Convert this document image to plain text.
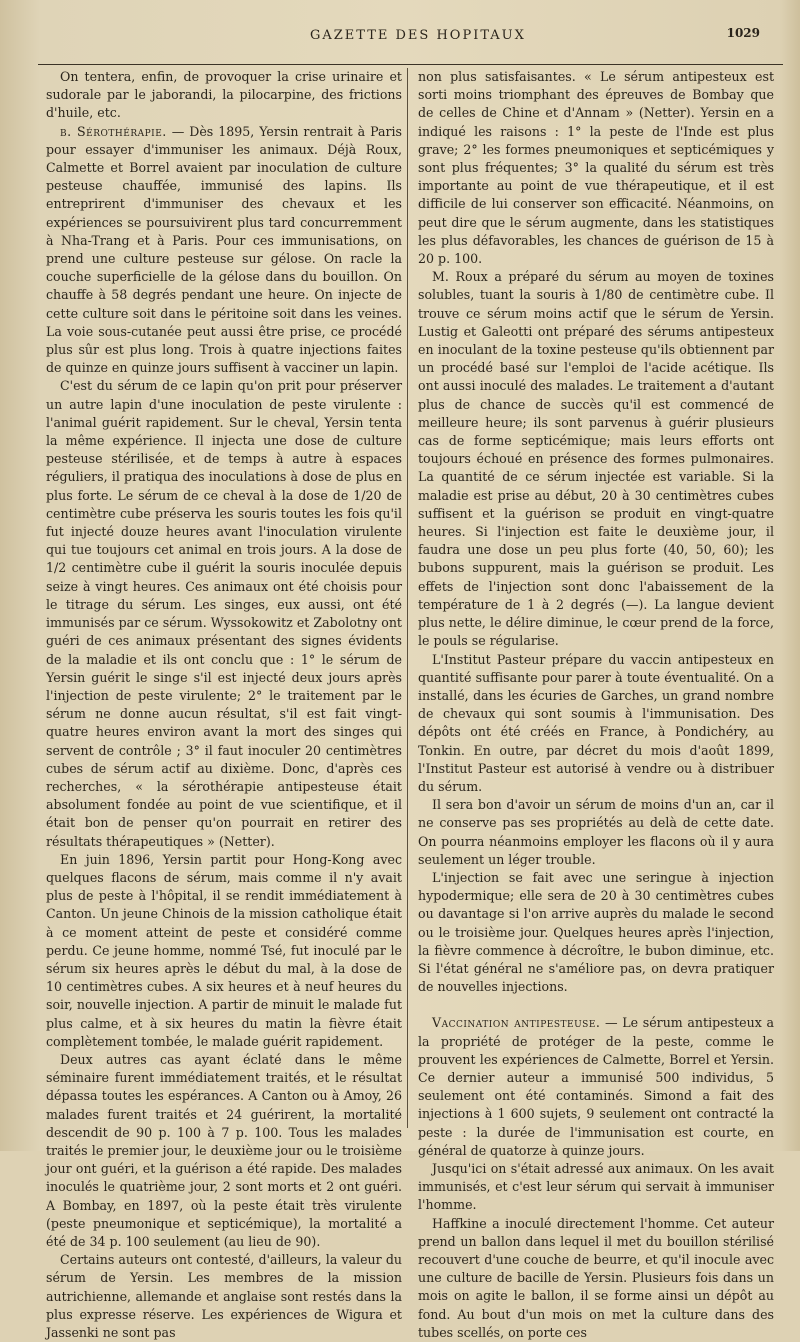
GAZETTE DES HOPITAUX	1029

On tentera, enfin, de provoquer la crise urinaire et sudorale par le jaborandi, la pilocarpine, des frictions d'huile, etc.

b. Sérothérapie. — Dès 1895, Yersin rentrait à Paris pour essayer d'immuniser les animaux. Déjà Roux, Calmette et Borrel avaient par inoculation de culture pesteuse chauffée, immunisé des lapins. Ils entreprirent d'immuniser des chevaux et les expériences se poursuivirent plus tard concurremment à Nha-Trang et à Paris. Pour ces immunisations, on prend une culture pesteuse sur gélose. On racle la couche superficielle de la gélose dans du bouillon. On chauffe à 58 degrés pendant une heure. On injecte de cette culture soit dans le péritoine soit dans les veines. La voie sous-cutanée peut aussi être prise, ce procédé plus sûr est plus long. Trois à quatre injections faites de quinze en quinze jours suffisent à vacciner un lapin.

C'est du sérum de ce lapin qu'on prit pour préserver un autre lapin d'une inoculation de peste virulente : l'animal guérit rapidement. Sur le cheval, Yersin tenta la même expérience. Il injecta une dose de culture pesteuse stérilisée, et de temps à autre à espaces réguliers, il pratiqua des inoculations à dose de plus en plus forte. Le sérum de ce cheval à la dose de 1/20 de centimètre cube préserva les souris toutes les fois qu'il fut injecté douze heures avant l'inoculation virulente qui tue toujours cet animal en trois jours. A la dose de 1/2 centimètre cube il guérit la souris inoculée depuis seize à vingt heures. Ces animaux ont été choisis pour le titrage du sérum. Les singes, eux aussi, ont été immunisés par ce sérum. Wyssokowitz et Zabolotny ont guéri de ces animaux présentant des signes évidents de la maladie et ils ont conclu que : 1° le sérum de Yersin guérit le singe s'il est injecté deux jours après l'injection de peste virulente; 2° le traitement par le sérum ne donne aucun résultat, s'il est fait vingt-quatre heures environ avant la mort des singes qui servent de contrôle ; 3° il faut inoculer 20 centimètres cubes de sérum actif au dixième. Donc, d'après ces recherches, « la sérothérapie antipesteuse était absolument fondée au point de vue scientifique, et il était bon de penser qu'on pourrait en retirer des résultats thérapeutiques » (Netter).

En juin 1896, Yersin partit pour Hong-Kong avec quelques flacons de sérum, mais comme il n'y avait plus de peste à l'hôpital, il se rendit immédiatement à Canton. Un jeune Chinois de la mission catholique était à ce moment atteint de peste et considéré comme perdu. Ce jeune homme, nommé Tsé, fut inoculé par le sérum six heures après le début du mal, à la dose de 10 centimètres cubes. A six heures et à neuf heures du soir, nouvelle injection. A partir de minuit le malade fut plus calme, et à six heures du matin la fièvre était complètement tombée, le malade guérit rapidement.

Deux autres cas ayant éclaté dans le même séminaire furent immédiatement traités, et le résultat dépassa toutes les espérances. A Canton ou à Amoy, 26 malades furent traités et 24 guérirent, la mortalité descendit de 90 p. 100 à 7 p. 100. Tous les malades traités le premier jour, le deuxième jour ou le troisième jour ont guéri, et la guérison a été rapide. Des malades inoculés le quatrième jour, 2 sont morts et 2 ont guéri. A Bombay, en 1897, où la peste était très virulente (peste pneumonique et septicémique), la mortalité a été de 34 p. 100 seulement (au lieu de 90).

Certains auteurs ont contesté, d'ailleurs, la valeur du sérum de Yersin. Les membres de la mission autrichienne, allemande et anglaise sont restés dans la plus expresse réserve. Les expériences de Wigura et Jassenki ne sont pas

non plus satisfaisantes. « Le sérum antipesteux est sorti moins triomphant des épreuves de Bombay que de celles de Chine et d'Annam » (Netter). Yersin en a indiqué les raisons : 1° la peste de l'Inde est plus grave; 2° les formes pneumoniques et septicémiques y sont plus fréquentes; 3° la qualité du sérum est très importante au point de vue thérapeutique, et il est difficile de lui conserver son efficacité. Néanmoins, on peut dire que le sérum augmente, dans les statistiques les plus défavorables, les chances de guérison de 15 à 20 p. 100.

M. Roux a préparé du sérum au moyen de toxines solubles, tuant la souris à 1/80 de centimètre cube. Il trouve ce sérum moins actif que le sérum de Yersin. Lustig et Galeotti ont préparé des sérums antipesteux en inoculant de la toxine pesteuse qu'ils obtiennent par un procédé basé sur l'emploi de l'acide acétique. Ils ont aussi inoculé des malades. Le traitement a d'autant plus de chance de succès qu'il est commencé de meilleure heure; ils sont parvenus à guérir plusieurs cas de forme septicémique; mais leurs efforts ont toujours échoué en présence des formes pulmonaires. La quantité de ce sérum injectée est variable. Si la maladie est prise au début, 20 à 30 centimètres cubes suffisent et la guérison se produit en vingt-quatre heures. Si l'injection est faite le deuxième jour, il faudra une dose un peu plus forte (40, 50, 60); les bubons suppurent, mais la guérison se produit. Les effets de l'injection sont donc l'abaissement de la température de 1 à 2 degrés (—). La langue devient plus nette, le délire diminue, le cœur prend de la force, le pouls se régularise.

L'Institut Pasteur prépare du vaccin antipesteux en quantité suffisante pour parer à toute éventualité. On a installé, dans les écuries de Garches, un grand nombre de chevaux qui sont soumis à l'immunisation. Des dépôts ont été créés en France, à Pondichéry, au Tonkin. En outre, par décret du mois d'août 1899, l'Institut Pasteur est autorisé à vendre ou à distribuer du sérum.

Il sera bon d'avoir un sérum de moins d'un an, car il ne conserve pas ses propriétés au delà de cette date. On pourra néanmoins employer les flacons où il y aura seulement un léger trouble.

L'injection se fait avec une seringue à injection hypodermique; elle sera de 20 à 30 centimètres cubes ou davantage si l'on arrive auprès du malade le second ou le troisième jour. Quelques heures après l'injection, la fièvre commence à décroître, le bubon diminue, etc. Si l'état général ne s'améliore pas, on devra pratiquer de nouvelles injections.

Vaccination antipesteuse. — Le sérum antipesteux a la propriété de protéger de la peste, comme le prouvent les expériences de Calmette, Borrel et Yersin. Ce dernier auteur a immunisé 500 individus, 5 seulement ont été contaminés. Simond a fait des injections à 1 600 sujets, 9 seulement ont contracté la peste : la durée de l'immunisation est courte, en général de quatorze à quinze jours.

Jusqu'ici on s'était adressé aux animaux. On les avait immunisés, et c'est leur sérum qui servait à immuniser l'homme.

Haffkine a inoculé directement l'homme. Cet auteur prend un ballon dans lequel il met du bouillon stérilisé recouvert d'une couche de beurre, et qu'il inocule avec une culture de bacille de Yersin. Plusieurs fois dans un mois on agite le ballon, il se forme ainsi un dépôt au fond. Au bout d'un mois on met la culture dans des tubes scellés, on porte ces
